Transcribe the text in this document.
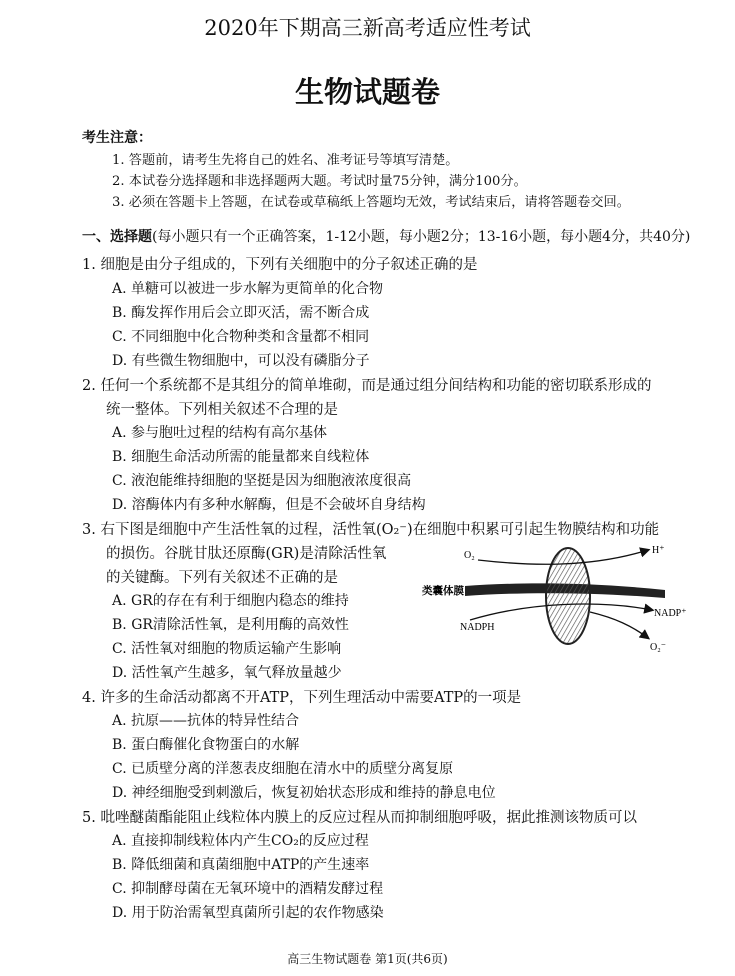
2020年下期高三新高考适应性考试
生物试题卷
考生注意：
1. 答题前，请考生先将自己的姓名、准考证号等填写清楚。
2. 本试卷分选择题和非选择题两大题。考试时量75分钟，满分100分。
3. 必须在答题卡上答题，在试卷或草稿纸上答题均无效，考试结束后，请将答题卷交回。
一、选择题(每小题只有一个正确答案，1-12小题，每小题2分；13-16小题，每小题4分，共40分)
1. 细胞是由分子组成的，下列有关细胞中的分子叙述正确的是
A. 单糖可以被进一步水解为更简单的化合物
B. 酶发挥作用后会立即灭活，需不断合成
C. 不同细胞中化合物种类和含量都不相同
D. 有些微生物细胞中，可以没有磷脂分子
2. 任何一个系统都不是其组分的简单堆砌，而是通过组分间结构和功能的密切联系形成的
统一整体。下列相关叙述不合理的是
A. 参与胞吐过程的结构有高尔基体
B. 细胞生命活动所需的能量都来自线粒体
C. 液泡能维持细胞的坚挺是因为细胞液浓度很高
D. 溶酶体内有多种水解酶，但是不会破坏自身结构
3. 右下图是细胞中产生活性氧的过程，活性氧(O₂⁻)在细胞中积累可引起生物膜结构和功能
的损伤。谷胱甘肽还原酶(GR)是清除活性氧
的关键酶。下列有关叙述不正确的是
A. GR的存在有利于细胞内稳态的维持
B. GR清除活性氧，是利用酶的高效性
C. 活性氧对细胞的物质运输产生影响
D. 活性氧产生越多，氧气释放量越少
O₂	H⁺
类囊体膜
NADP⁺
NADPH
O₂⁻
4. 许多的生命活动都离不开ATP，下列生理活动中需要ATP的一项是
A. 抗原——抗体的特异性结合
B. 蛋白酶催化食物蛋白的水解
C. 已质壁分离的洋葱表皮细胞在清水中的质壁分离复原
D. 神经细胞受到刺激后，恢复初始状态形成和维持的静息电位
5. 吡唑醚菌酯能阻止线粒体内膜上的反应过程从而抑制细胞呼吸，据此推测该物质可以
A. 直接抑制线粒体内产生CO₂的反应过程
B. 降低细菌和真菌细胞中ATP的产生速率
C. 抑制酵母菌在无氧环境中的酒精发酵过程
D. 用于防治需氧型真菌所引起的农作物感染
高三生物试题卷 第1页(共6页)
